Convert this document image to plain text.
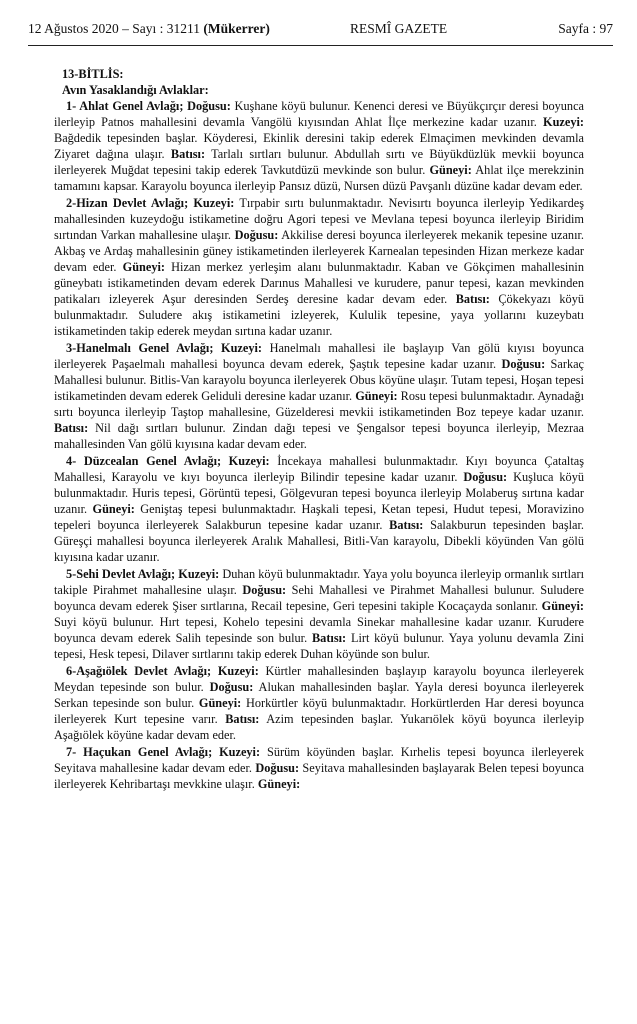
12 Ağustos 2020 – Sayı : 31211 (Mükerrer)	RESMÎ GAZETE	Sayfa : 97
13-BİTLİS:
Avın Yasaklandığı Avlaklar:

1- Ahlat Genel Avlağı; Doğusu: Kuşhane köyü bulunur. Kenenci deresi ve Büyükçırçır deresi boyunca ilerleyip Patnos mahallesini devamla Vangölü kıyısından Ahlat İlçe merkezine kadar uzanır. Kuzeyi: Bağdedik tepesinden başlar. Köyderesi, Ekinlik deresini takip ederek Elmaçimen mevkinden devamla Ziyaret dağına ulaşır. Batısı: Tarlalı sırtları bulunur. Abdullah sırtı ve Büyükdüzlük mevkii boyunca ilerleyerek Muğdat tepesini takip ederek Tavkutdüzü mevkinde son bulur. Güneyi: Ahlat ilçe merekzinin tamamını kapsar. Karayolu boyunca ilerleyip Pansız düzü, Nursen düzü Pavşanlı düzüne kadar devam eder.

2-Hizan Devlet Avlağı; Kuzeyi: Tırpabir sırtı bulunmaktadır. Nevisırtı boyunca ilerleyip Yedikardeş mahallesinden kuzeydoğu istikametine doğru Agori tepesi ve Mevlana tepesi boyunca ilerleyip Biridim sırtından Varkan mahallesine ulaşır. Doğusu: Akkilise deresi boyunca ilerleyerek mekanik tepesine uzanır. Akbaş ve Ardaş mahallesinin güney istikametinden ilerleyerek Karnealan tepesinden Hizan merkeze kadar devam eder. Güneyi: Hizan merkez yerleşim alanı bulunmaktadır. Kaban ve Gökçimen mahallesinin güneybatı istikametinden devam ederek Darınus Mahallesi ve kurudere, panur tepesi, kazan mevkinden patikaları izleyerek Aşur deresinden Serdeş deresine kadar devam eder. Batısı: Çökekyazı köyü bulunmaktadır. Suludere akış istikametini izleyerek, Kululik tepesine, yaya yollarını kuzeybatı istikametinden takip ederek meydan sırtına kadar uzanır.

3-Hanelmalı Genel Avlağı; Kuzeyi: Hanelmalı mahallesi ile başlayıp Van gölü kıyısı boyunca ilerleyerek Paşaelmalı mahallesi boyunca devam ederek, Şaştık tepesine kadar uzanır. Doğusu: Sarkaç Mahallesi bulunur. Bitlis-Van karayolu boyunca ilerleyerek Obus köyüne ulaşır. Tutam tepesi, Hoşan tepesi istikametinden devam ederek Geliduli deresine kadar uzanır. Güneyi: Rosu tepesi bulunmaktadır. Aynadağı sırtı boyunca ilerleyip Taştop mahallesine, Güzelderesi mevkii istikametinden Boz tepeye kadar uzanır. Batısı: Nil dağı sırtları bulunur. Zindan dağı tepesi ve Şengalsor tepesi boyunca ilerleyip, Mezraa mahallesinden Van gölü kıyısına kadar devam eder.

4- Düzcealan Genel Avlağı; Kuzeyi: İncekaya mahallesi bulunmaktadır. Kıyı boyunca Çataltaş Mahallesi, Karayolu ve kıyı boyunca ilerleyip Bilindir tepesine kadar uzanır. Doğusu: Kuşluca köyü bulunmaktadır. Huris tepesi, Görüntü tepesi, Gölgevuran tepesi boyunca ilerleyip Molaberuş sırtına kadar uzanır. Güneyi: Geniştaş tepesi bulunmaktadır. Haşkali tepesi, Ketan tepesi, Hudut tepesi, Moravizino tepeleri boyunca ilerleyerek Salakburun tepesine kadar uzanır. Batısı: Salakburun tepesinden başlar. Güreşçi mahallesi boyunca ilerleyerek Aralık Mahallesi, Bitli-Van karayolu, Dibekli köyünden Van gölü kıyısına kadar uzanır.

5-Sehi Devlet Avlağı; Kuzeyi: Duhan köyü bulunmaktadır. Yaya yolu boyunca ilerleyip ormanlık sırtları takiple Pirahmet mahallesine ulaşır. Doğusu: Sehi Mahallesi ve Pirahmet Mahallesi bulunur. Suludere boyunca devam ederek Şiser sırtlarına, Recail tepesine, Geri tepesini takiple Kocaçayda sonlanır. Güneyi: Suyi köyü bulunur. Hırt tepesi, Kohelo tepesini devamla Sinekar mahallesine kadar uzanır. Kurudere boyunca devam ederek Salih tepesinde son bulur. Batısı: Lirt köyü bulunur. Yaya yolunu devamla Zini tepesi, Hesk tepesi, Dilaver sırtlarını takip ederek Duhan köyünde son bulur.

6-Aşağıölek Devlet Avlağı; Kuzeyi: Kürtler mahallesinden başlayıp karayolu boyunca ilerleyerek Meydan tepesinde son bulur. Doğusu: Alukan mahallesinden başlar. Yayla deresi boyunca ilerleyerek Serkan tepesinde son bulur. Güneyi: Horkürtler köyü bulunmaktadır. Horkürtlerden Har deresi boyunca ilerleyerek Kurt tepesine varır. Batısı: Azim tepesinden başlar. Yukarıölek köyü boyunca ilerleyip Aşağıölek köyüne kadar devam eder.

7- Haçukan Genel Avlağı; Kuzeyi: Sürüm köyünden başlar. Kırhelis tepesi boyunca ilerleyerek Seyitava mahallesine kadar devam eder. Doğusu: Seyitava mahallesinden başlayarak Belen tepesi boyunca ilerleyerek Kehribartaşı mevkkine ulaşır. Güneyi:
